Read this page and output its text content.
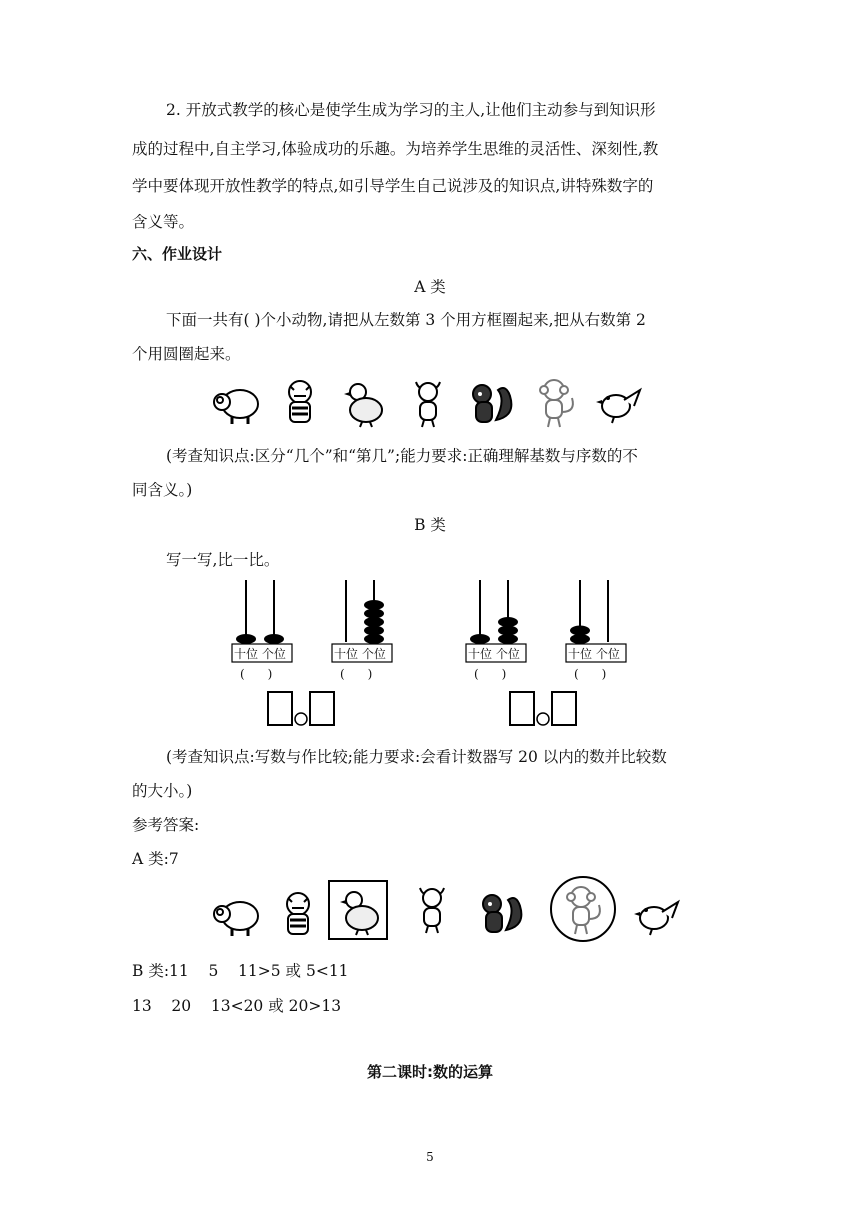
2. 开放式教学的核心是使学生成为学习的主人,让他们主动参与到知识形
成的过程中,自主学习,体验成功的乐趣。为培养学生思维的灵活性、深刻性,教
学中要体现开放性教学的特点,如引导学生自己说涉及的知识点,讲特殊数字的
含义等。
六、作业设计
A 类
下面一共有( )个小动物,请把从左数第 3 个用方框圈起来,把从右数第 2
个用圆圈起来。
(考查知识点:区分“几个”和“第几”;能力要求:正确理解基数与序数的不
同含义。)
B 类
写一写,比一比。
十位 个位	十位 个位	十位 个位	十位 个位
(      )	(      )	(      )	(      )
(考查知识点:写数与作比较;能力要求:会看计数器写 20 以内的数并比较数
的大小。)
参考答案:
A 类:7
B 类:11    5    11>5 或 5<11
13    20    13<20 或 20>13
第二课时:数的运算
5
